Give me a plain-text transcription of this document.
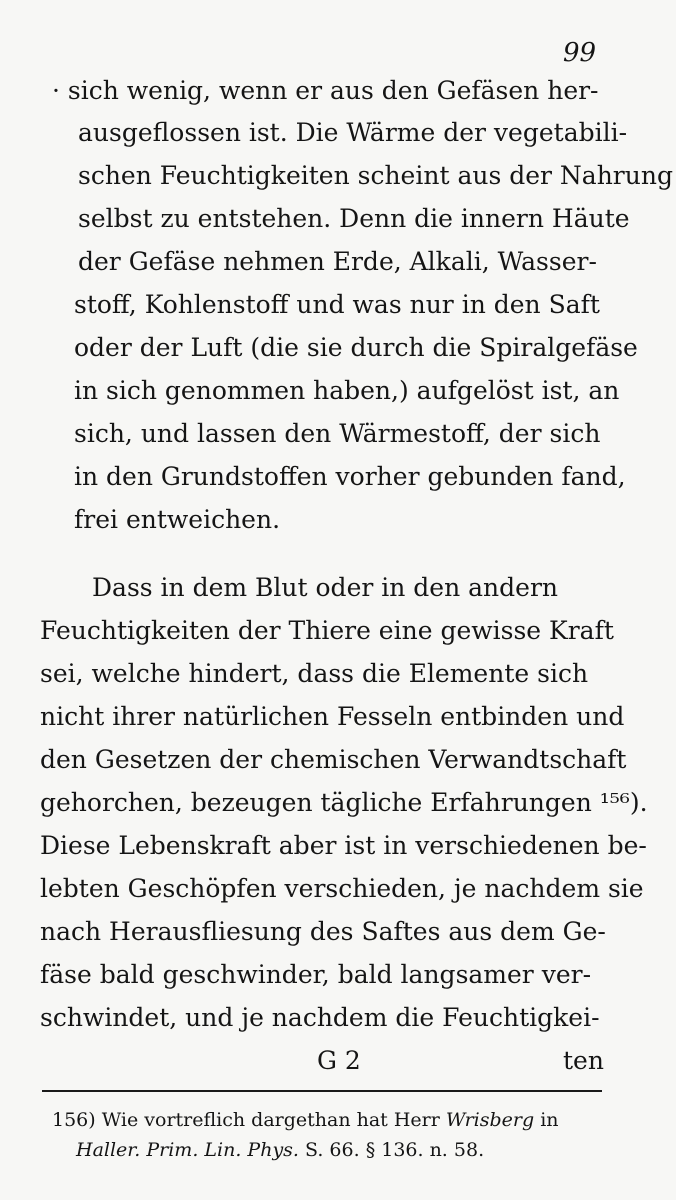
99
· sich wenig, wenn er aus den Gefäsen her-
ausgeflossen ist. Die Wärme der vegetabili-
schen Feuchtigkeiten scheint aus der Nahrung
selbst zu entstehen. Denn die innern Häute
der Gefäse nehmen Erde, Alkali, Wasser-
stoff, Kohlenstoff und was nur in den Saft
oder der Luft (die sie durch die Spiralgefäse
in sich genommen haben,) aufgelöst ist, an
sich, und lassen den Wärmestoff, der sich
in den Grundstoffen vorher gebunden fand,
frei entweichen.
Dass in dem Blut oder in den andern
Feuchtigkeiten der Thiere eine gewisse Kraft
sei, welche hindert, dass die Elemente sich
nicht ihrer natürlichen Fesseln entbinden und
den Gesetzen der chemischen Verwandtschaft
gehorchen, bezeugen tägliche Erfahrungen ¹⁵⁶).
Diese Lebenskraft aber ist in verschiedenen be-
lebten Geschöpfen verschieden, je nachdem sie
nach Herausfliesung des Saftes aus dem Ge-
fäse bald geschwinder, bald langsamer ver-
schwindet, und je nachdem die Feuchtigkei-
156) Wie vortreflich dargethan hat Herr Wrisberg in
Haller. Prim. Lin. Phys. S. 66. § 136. n. 58.
G 2	ten
